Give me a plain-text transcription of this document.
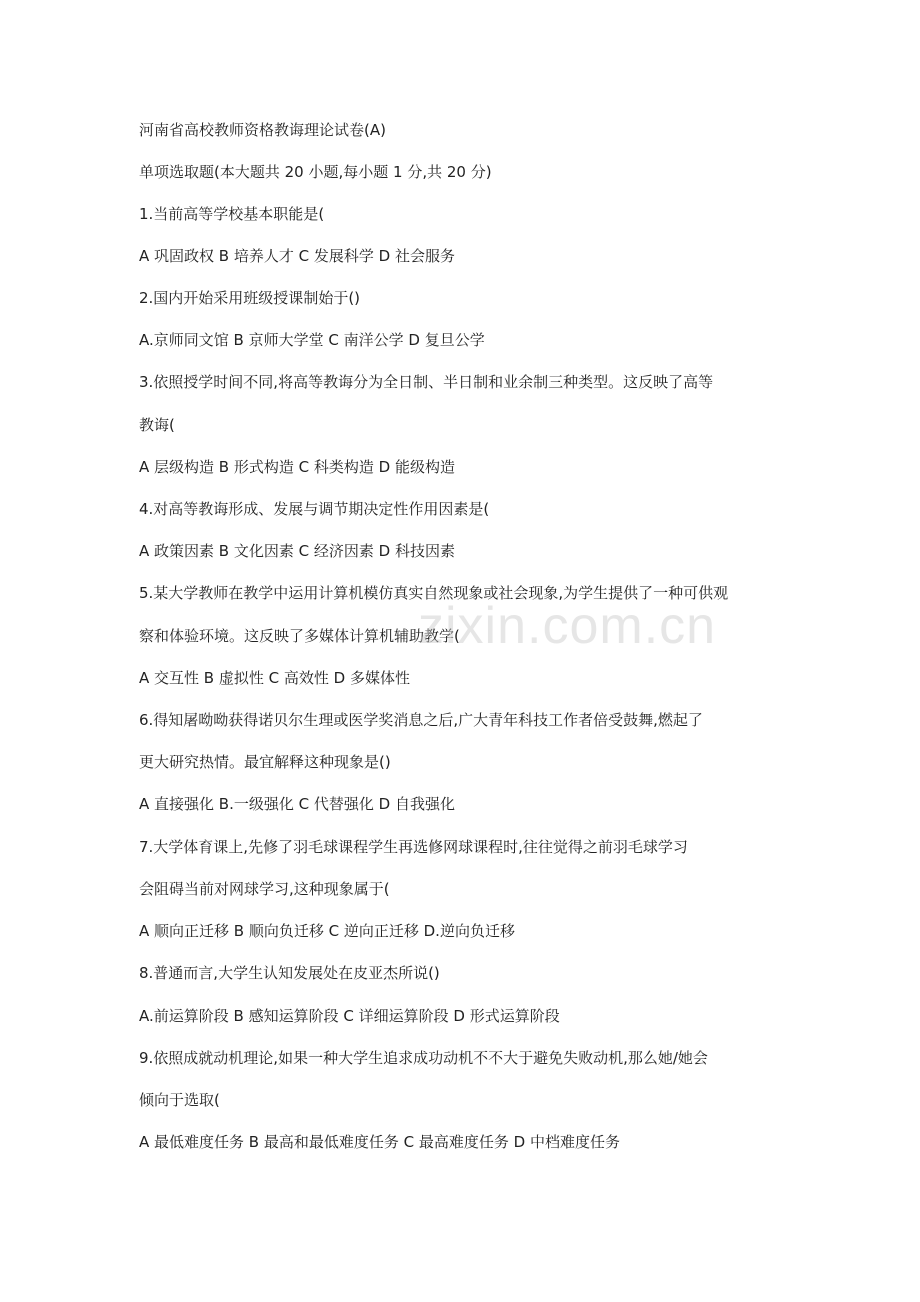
河南省高校教师资格教诲理论试卷(A)
单项选取题(本大题共 20 小题,每小题 1 分,共 20 分)
1.当前高等学校基本职能是(
A 巩固政权 B 培养人才 C 发展科学 D 社会服务
2.国内开始采用班级授课制始于()
A.京师同文馆 B 京师大学堂 C 南洋公学 D 复旦公学
3.依照授学时间不同,将高等教诲分为全日制、半日制和业余制三种类型。这反映了高等
教诲(
A 层级构造 B 形式构造 C 科类构造 D 能级构造
4.对高等教诲形成、发展与调节期决定性作用因素是(
A 政策因素 B 文化因素 C 经济因素 D 科技因素
5.某大学教师在教学中运用计算机模仿真实自然现象或社会现象,为学生提供了一种可供观
察和体验环境。这反映了多媒体计算机辅助教学(
A 交互性 B 虚拟性 C 高效性 D 多媒体性
6.得知屠呦呦获得诺贝尔生理或医学奖消息之后,广大青年科技工作者倍受鼓舞,燃起了
更大研究热情。最宜解释这种现象是()
A 直接强化 B.一级强化 C 代替强化 D 自我强化
7.大学体育课上,先修了羽毛球课程学生再选修网球课程时,往往觉得之前羽毛球学习
会阻碍当前对网球学习,这种现象属于(
A 顺向正迁移 B 顺向负迁移 C 逆向正迁移 D.逆向负迁移
8.普通而言,大学生认知发展处在皮亚杰所说()
A.前运算阶段 B 感知运算阶段 C 详细运算阶段 D 形式运算阶段
9.依照成就动机理论,如果一种大学生追求成功动机不不大于避免失败动机,那么她/她会
倾向于选取(
A 最低难度任务 B 最高和最低难度任务 C 最高难度任务 D 中档难度任务
zixin.com.cn
